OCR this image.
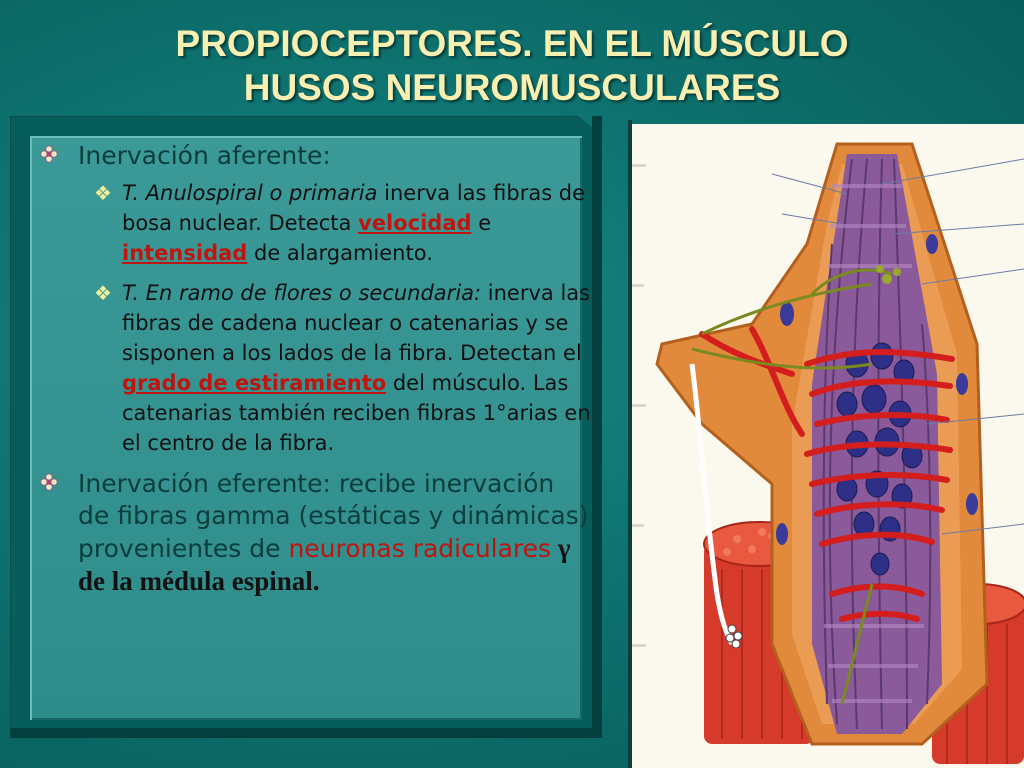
PROPIOCEPTORES. EN EL MÚSCULO
HUSOS NEUROMUSCULARES
Inervación aferente:
❖ T. Anulospiral o primaria inerva las fibras de bosa nuclear. Detecta velocidad e intensidad de alargamiento.
❖ T. En ramo de flores o secundaria: inerva las fibras de cadena nuclear o catenarias y se sisponen a los lados de la fibra. Detectan el grado de estiramiento del músculo. Las catenarias también reciben fibras 1°arias en el centro de la fibra.
Inervación eferente: recibe inervación de fibras gamma (estáticas y dinámicas) provenientes de neuronas radiculares γ de la médula espinal.
